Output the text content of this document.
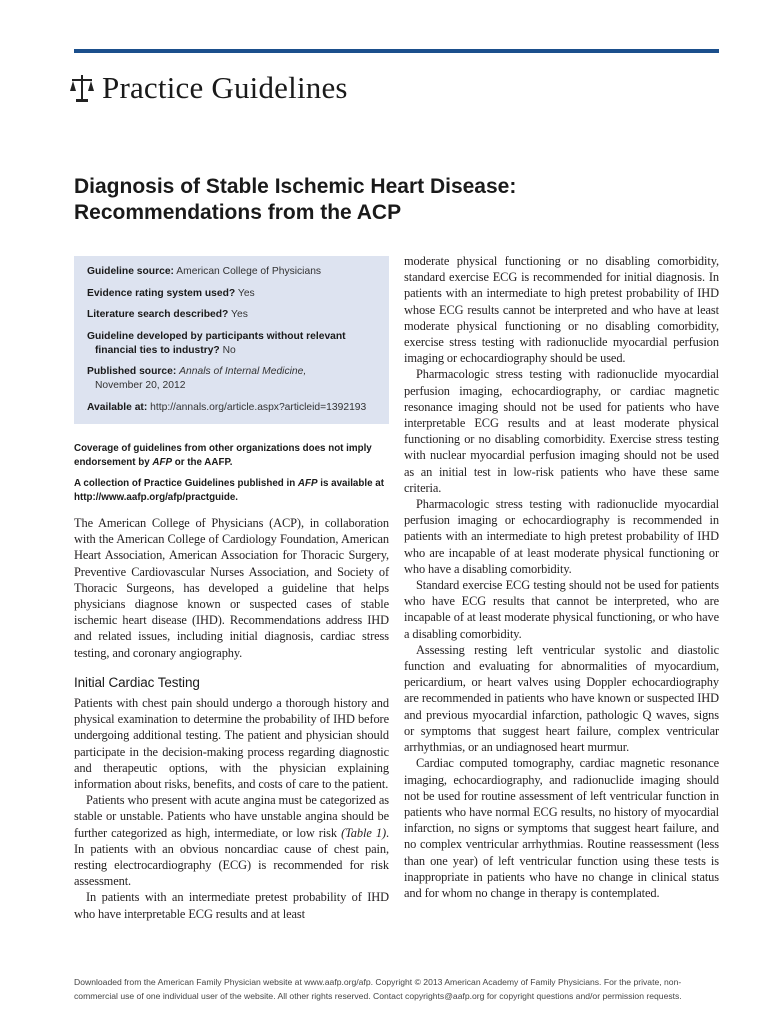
Practice Guidelines
Diagnosis of Stable Ischemic Heart Disease:
Recommendations from the ACP
Guideline source: American College of Physicians
Evidence rating system used? Yes
Literature search described? Yes
Guideline developed by participants without relevant
financial ties to industry? No
Published source: Annals of Internal Medicine,
November 20, 2012
Available at: http://annals.org/article.aspx?articleid=1392193

Coverage of guidelines from other organizations does not imply endorsement by AFP or the AAFP.

A collection of Practice Guidelines published in AFP is available at http://www.aafp.org/afp/practguide.

The American College of Physicians (ACP), in collaboration with the American College of Cardiology Foundation, American Heart Association, American Association for Thoracic Surgery, Preventive Cardiovascular Nurses Association, and Society of Thoracic Surgeons, has developed a guideline that helps physicians diagnose known or suspected cases of stable ischemic heart disease (IHD). Recommendations address IHD and related issues, including initial diagnosis, cardiac stress testing, and coronary angiography.

Initial Cardiac Testing

Patients with chest pain should undergo a thorough history and physical examination to determine the probability of IHD before undergoing additional testing. The patient and physician should participate in the decision-making process regarding diagnostic and therapeutic options, with the physician explaining information about risks, benefits, and costs of care to the patient.

Patients who present with acute angina must be categorized as stable or unstable. Patients who have unstable angina should be further categorized as high, intermediate, or low risk (Table 1). In patients with an obvious noncardiac cause of chest pain, resting electrocardiography (ECG) is recommended for risk assessment.

In patients with an intermediate pretest probability of IHD who have interpretable ECG results and at least

moderate physical functioning or no disabling comorbidity, standard exercise ECG is recommended for initial diagnosis. In patients with an intermediate to high pretest probability of IHD whose ECG results cannot be interpreted and who have at least moderate physical functioning or no disabling comorbidity, exercise stress testing with radionuclide myocardial perfusion imaging or echocardiography should be used.

Pharmacologic stress testing with radionuclide myocardial perfusion imaging, echocardiography, or cardiac magnetic resonance imaging should not be used for patients who have interpretable ECG results and at least moderate physical functioning or no disabling comorbidity. Exercise stress testing with nuclear myocardial perfusion imaging should not be used as an initial test in low-risk patients who have these same criteria.

Pharmacologic stress testing with radionuclide myocardial perfusion imaging or echocardiography is recommended in patients with an intermediate to high pretest probability of IHD who are incapable of at least moderate physical functioning or who have a disabling comorbidity.

Standard exercise ECG testing should not be used for patients who have ECG results that cannot be interpreted, who are incapable of at least moderate physical functioning, or who have a disabling comorbidity.

Assessing resting left ventricular systolic and diastolic function and evaluating for abnormalities of myocardium, pericardium, or heart valves using Doppler echocardiography are recommended in patients who have known or suspected IHD and previous myocardial infarction, pathologic Q waves, signs or symptoms that suggest heart failure, complex ventricular arrhythmias, or an undiagnosed heart murmur.

Cardiac computed tomography, cardiac magnetic resonance imaging, echocardiography, and radionuclide imaging should not be used for routine assessment of left ventricular function in patients who have normal ECG results, no history of myocardial infarction, no signs or symptoms that suggest heart failure, and no complex ventricular arrhythmias. Routine reassessment (less than one year) of left ventricular function using these tests is inappropriate in patients who have no change in clinical status and for whom no change in therapy is contemplated.

Downloaded from the American Family Physician website at www.aafp.org/afp. Copyright © 2013 American Academy of Family Physicians. For the private, non-
commercial use of one individual user of the website. All other rights reserved. Contact copyrights@aafp.org for copyright questions and/or permission requests.
